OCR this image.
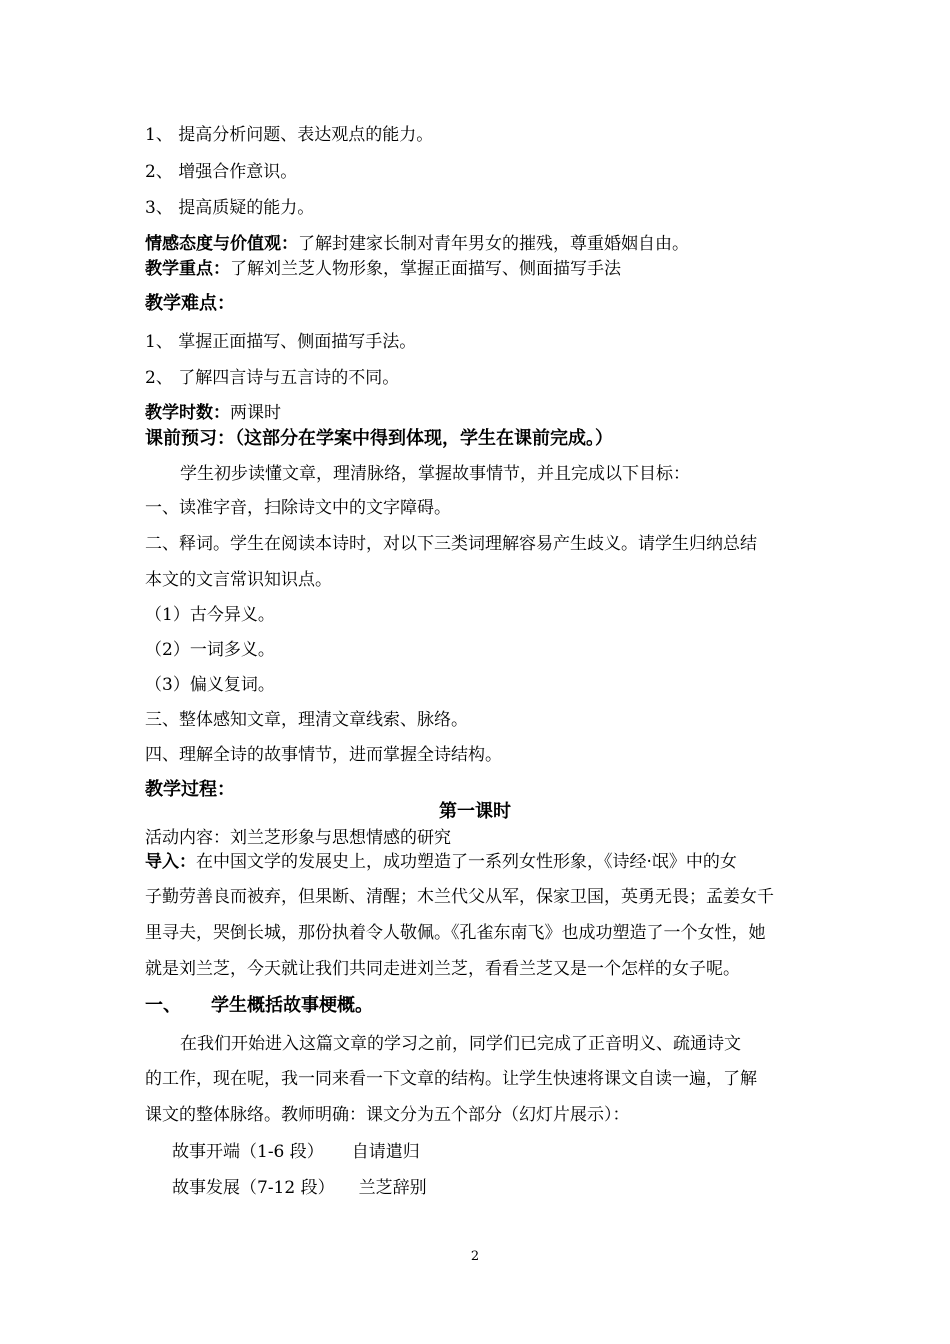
1、 提高分析问题、表达观点的能力。
2、 增强合作意识。
3、 提高质疑的能力。
情感态度与价值观：了解封建家长制对青年男女的摧残，尊重婚姻自由。
教学重点：了解刘兰芝人物形象，掌握正面描写、侧面描写手法
教学难点：
1、 掌握正面描写、侧面描写手法。
2、 了解四言诗与五言诗的不同。
教学时数：两课时
课前预习：（这部分在学案中得到体现，学生在课前完成。）
学生初步读懂文章，理清脉络，掌握故事情节，并且完成以下目标：
一、读准字音，扫除诗文中的文字障碍。
二、释词。学生在阅读本诗时，对以下三类词理解容易产生歧义。请学生归纳总结
本文的文言常识知识点。
（1）古今异义。
（2）一词多义。
（3）偏义复词。
三、整体感知文章，理清文章线索、脉络。
四、理解全诗的故事情节，进而掌握全诗结构。
教学过程：
第一课时
活动内容：刘兰芝形象与思想情感的研究
导入：在中国文学的发展史上，成功塑造了一系列女性形象，《诗经·氓》中的女
子勤劳善良而被弃，但果断、清醒；木兰代父从军，保家卫国，英勇无畏；孟姜女千
里寻夫，哭倒长城，那份执着令人敬佩。《孔雀东南飞》也成功塑造了一个女性，她
就是刘兰芝，今天就让我们共同走进刘兰芝，看看兰芝又是一个怎样的女子呢。
一、 学生概括故事梗概。
在我们开始进入这篇文章的学习之前，同学们已完成了正音明义、疏通诗文
的工作，现在呢，我一同来看一下文章的结构。让学生快速将课文自读一遍，了解
课文的整体脉络。教师明确：课文分为五个部分（幻灯片展示）：
故事开端（1-6 段） 自请遣归
故事发展（7-12 段） 兰芝辞别
2
